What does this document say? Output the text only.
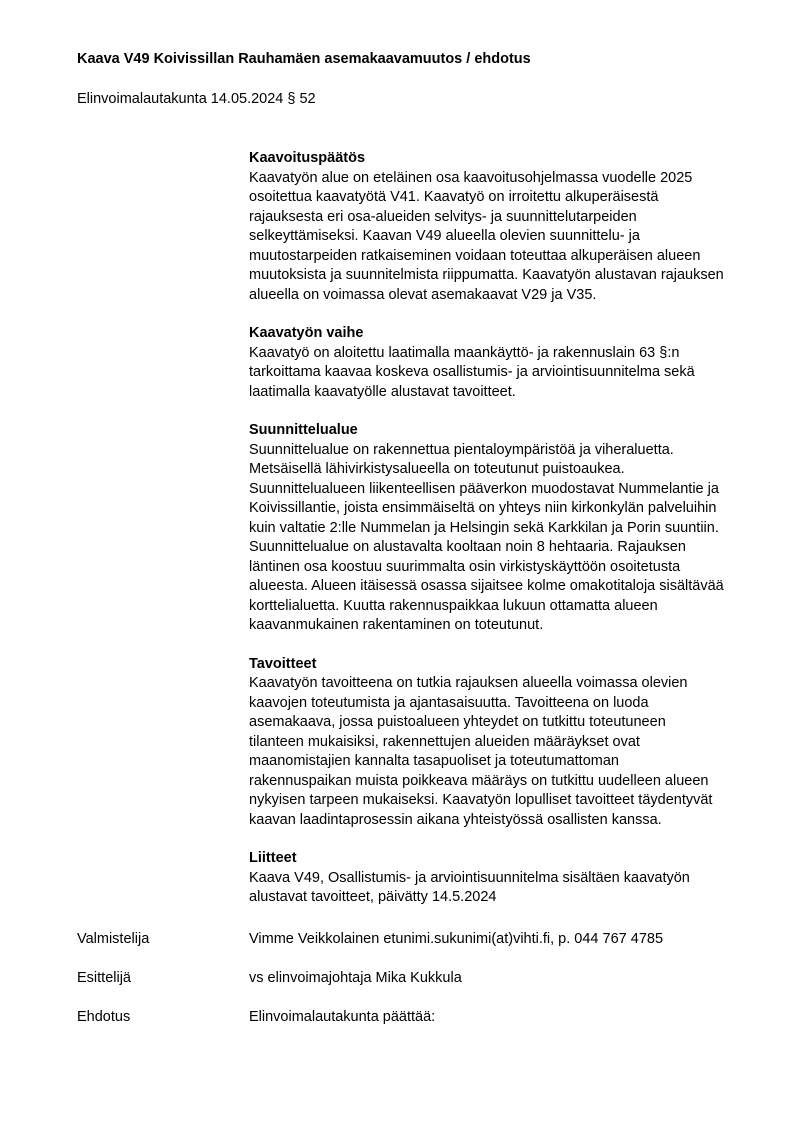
Kaava V49 Koivissillan Rauhamäen asemakaavamuutos / ehdotus
Elinvoimalautakunta 14.05.2024 § 52
Kaavoituspäätös

Kaavatyön alue on eteläinen osa kaavoitusohjelmassa vuodelle 2025
osoitettua kaavatyötä V41. Kaavatyö on irroitettu alkuperäisestä
rajauksesta eri osa-alueiden selvitys- ja suunnittelutarpeiden
selkeyttämiseksi. Kaavan V49 alueella olevien suunnittelu- ja
muutostarpeiden ratkaiseminen voidaan toteuttaa alkuperäisen alueen
muutoksista ja suunnitelmista riippumatta. Kaavatyön alustavan rajauksen
alueella on voimassa olevat asemakaavat V29 ja V35.

Kaavatyön vaihe

Kaavatyö on aloitettu laatimalla maankäyttö- ja rakennuslain 63 §:n
tarkoittama kaavaa koskeva osallistumis- ja arviointisuunnitelma sekä
laatimalla kaavatyölle alustavat tavoitteet.

Suunnittelualue

Suunnittelualue on rakennettua pientaloympäristöä ja viheraluetta.
Metsäisellä lähivirkistysalueella on toteutunut puistoaukea.
Suunnittelualueen liikenteellisen pääverkon muodostavat Nummelantie ja
Koivissillantie, joista ensimmäiseltä on yhteys niin kirkonkylän palveluihin
kuin valtatie 2:lle Nummelan ja Helsingin sekä Karkkilan ja Porin suuntiin.
Suunnittelualue on alustavalta kooltaan noin 8 hehtaaria. Rajauksen
läntinen osa koostuu suurimmalta osin virkistyskäyttöön osoitetusta
alueesta. Alueen itäisessä osassa sijaitsee kolme omakotitaloja sisältävää
korttelialuetta. Kuutta rakennuspaikkaa lukuun ottamatta alueen
kaavanmukainen rakentaminen on toteutunut.

Tavoitteet

Kaavatyön tavoitteena on tutkia rajauksen alueella voimassa olevien
kaavojen toteutumista ja ajantasaisuutta. Tavoitteena on luoda
asemakaava, jossa puistoalueen yhteydet on tutkittu toteutuneen
tilanteen mukaisiksi, rakennettujen alueiden määräykset ovat
maanomistajien kannalta tasapuoliset ja toteutumattoman
rakennuspaikan muista poikkeava määräys on tutkittu uudelleen alueen
nykyisen tarpeen mukaiseksi. Kaavatyön lopulliset tavoitteet täydentyvät
kaavan laadintaprosessin aikana yhteistyössä osallisten kanssa.

Liitteet

Kaava V49, Osallistumis- ja arviointisuunnitelma sisältäen kaavatyön
alustavat tavoitteet, päivätty 14.5.2024

Valmistelija	Vimme Veikkolainen etunimi.sukunimi(at)vihti.fi, p. 044 767 4785
Esittelijä	vs elinvoimajohtaja Mika Kukkula
Ehdotus	Elinvoimalautakunta päättää:
